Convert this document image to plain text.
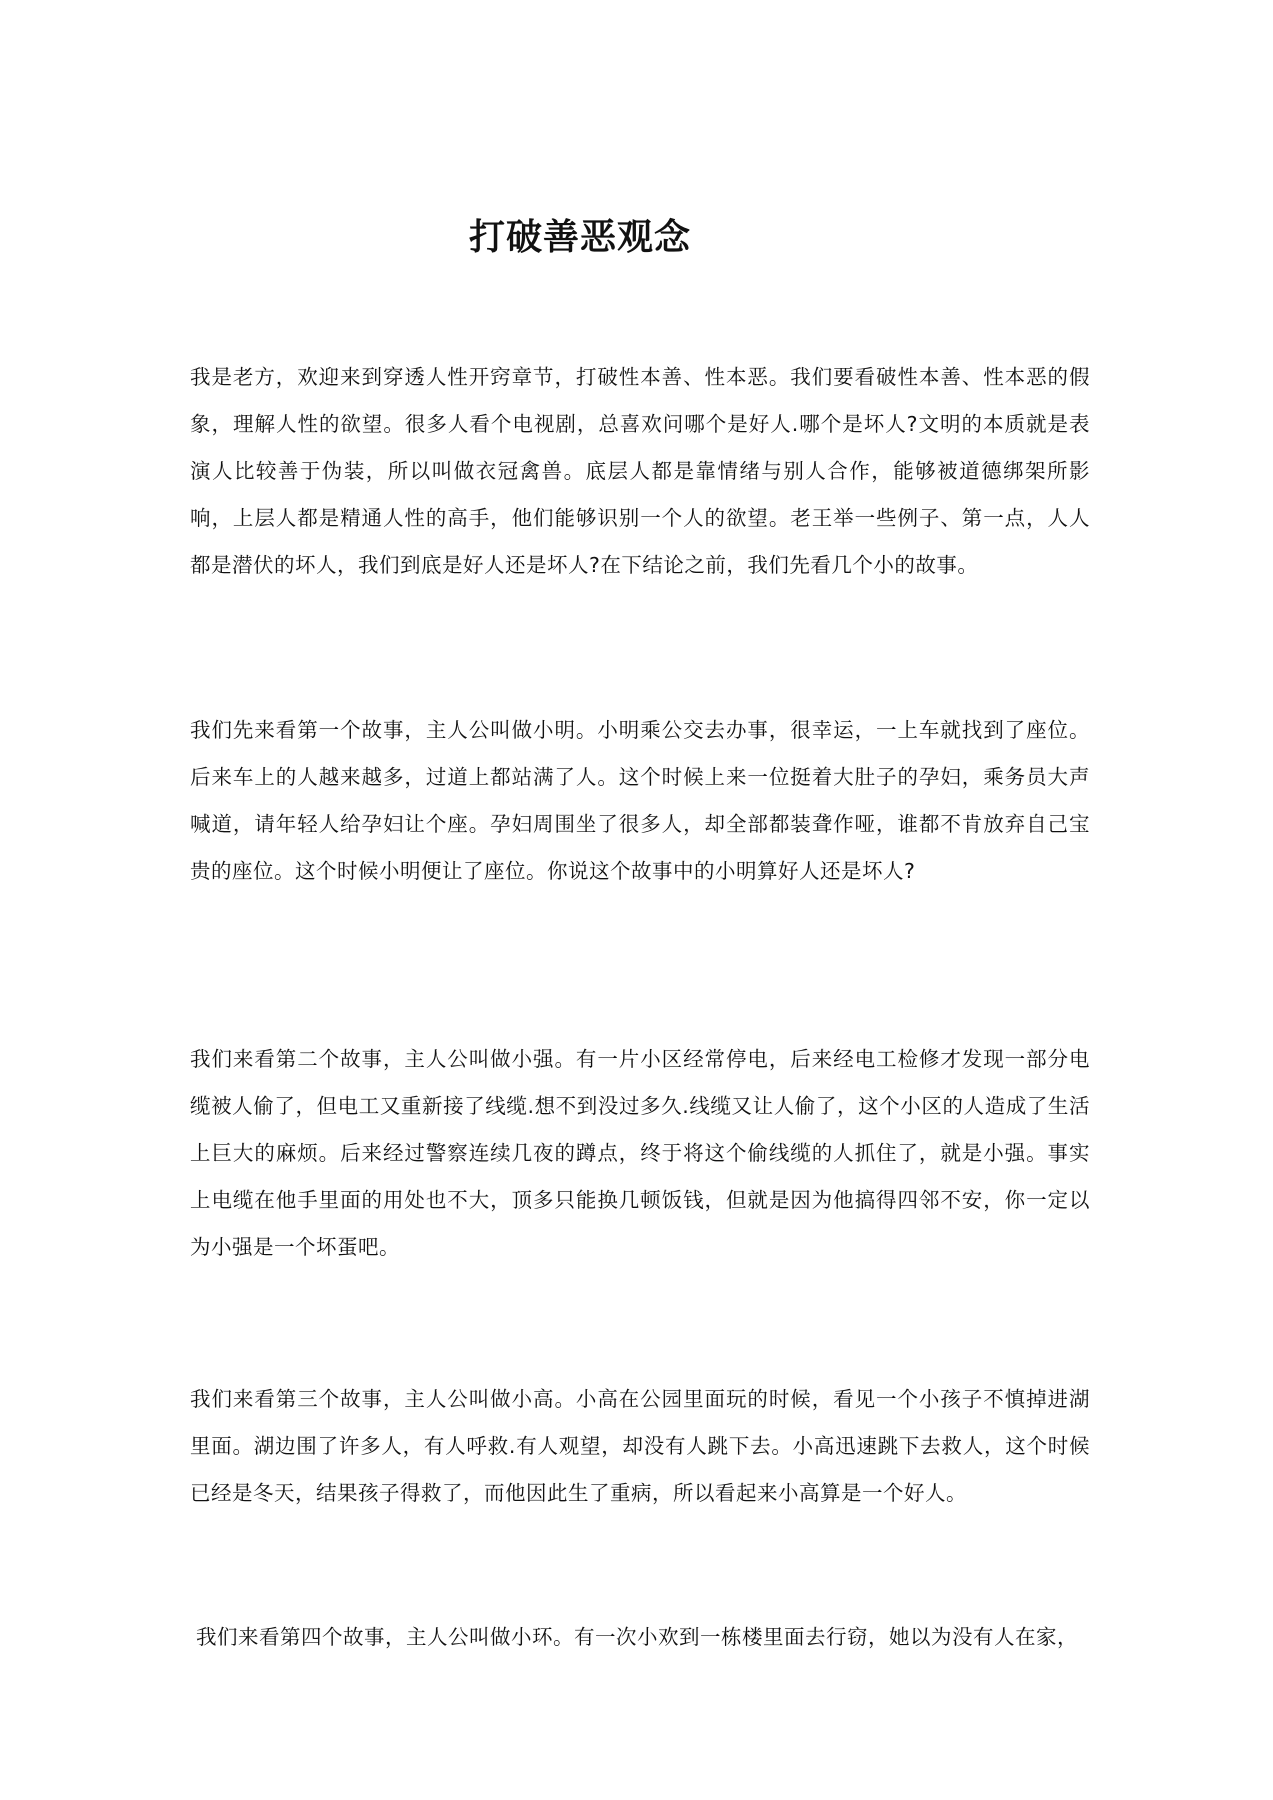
打破善恶观念

我是老方，欢迎来到穿透人性开窍章节，打破性本善、性本恶。我们要看破性本善、性本恶的假象，理解人性的欲望。很多人看个电视剧，总喜欢问哪个是好人.哪个是坏人?文明的本质就是表演人比较善于伪装，所以叫做衣冠禽兽。底层人都是靠情绪与别人合作，能够被道德绑架所影响，上层人都是精通人性的高手，他们能够识别一个人的欲望。老王举一些例子、第一点，人人都是潜伏的坏人，我们到底是好人还是坏人?在下结论之前，我们先看几个小的故事。

我们先来看第一个故事，主人公叫做小明。小明乘公交去办事，很幸运，一上车就找到了座位。后来车上的人越来越多，过道上都站满了人。这个时候上来一位挺着大肚子的孕妇，乘务员大声喊道，请年轻人给孕妇让个座。孕妇周围坐了很多人，却全部都装聋作哑，谁都不肯放弃自己宝贵的座位。这个时候小明便让了座位。你说这个故事中的小明算好人还是坏人?

我们来看第二个故事，主人公叫做小强。有一片小区经常停电，后来经电工检修才发现一部分电缆被人偷了，但电工又重新接了线缆.想不到没过多久.线缆又让人偷了，这个小区的人造成了生活上巨大的麻烦。后来经过警察连续几夜的蹲点，终于将这个偷线缆的人抓住了，就是小强。事实上电缆在他手里面的用处也不大，顶多只能换几顿饭钱，但就是因为他搞得四邻不安，你一定以为小强是一个坏蛋吧。

我们来看第三个故事，主人公叫做小高。小高在公园里面玩的时候，看见一个小孩子不慎掉进湖里面。湖边围了许多人，有人呼救.有人观望，却没有人跳下去。小高迅速跳下去救人，这个时候已经是冬天，结果孩子得救了，而他因此生了重病，所以看起来小高算是一个好人。

我们来看第四个故事，主人公叫做小环。有一次小欢到一栋楼里面去行窃，她以为没有人在家，
